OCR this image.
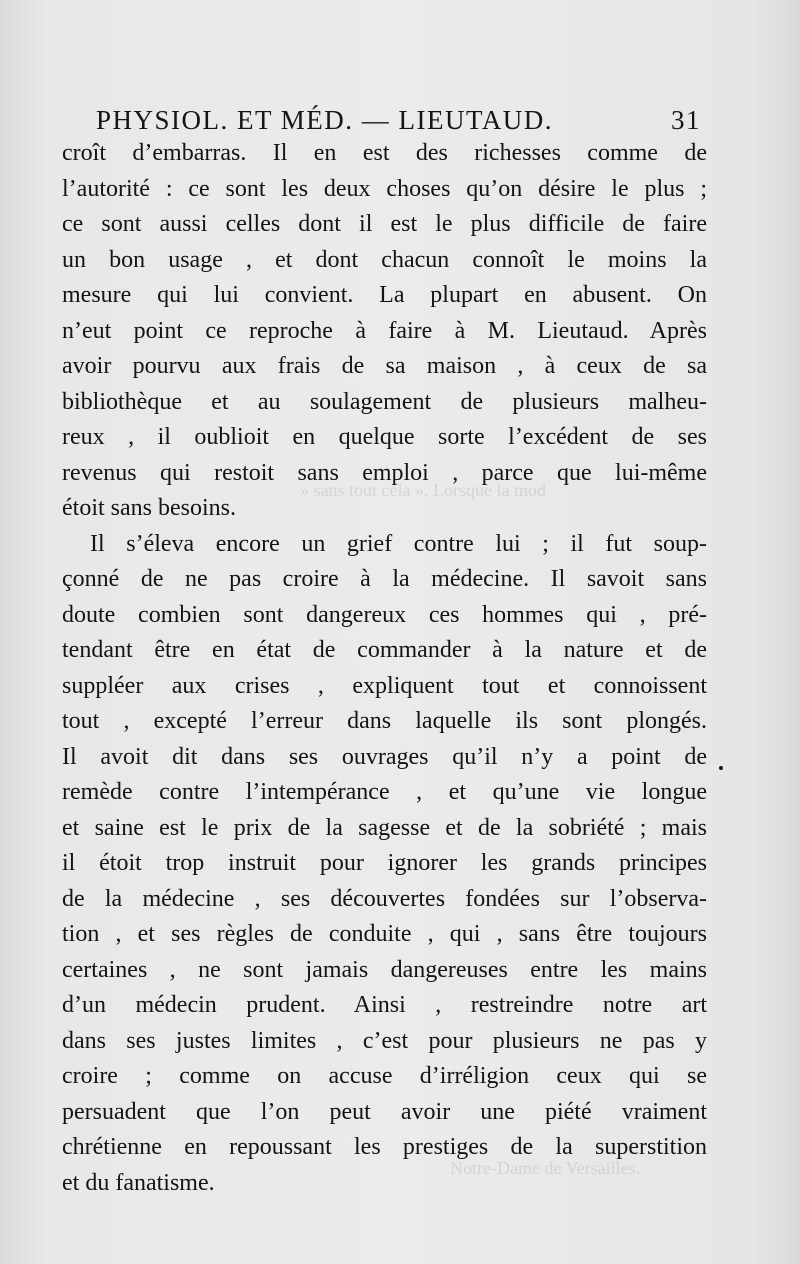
» sans tout cela ». Lorsque la mod
Notre-Dame de Versailles.
PHYSIOL. ET MÉD. — LIEUTAUD.	31
croît d’embarras. Il en est des richesses comme de
l’autorité : ce sont les deux choses qu’on désire le plus ;
ce sont aussi celles dont il est le plus difficile de faire
un bon usage , et dont chacun connoît le moins la
mesure qui lui convient. La plupart en abusent. On
n’eut point ce reproche à faire à M. Lieutaud. Après
avoir pourvu aux frais de sa maison , à ceux de sa
bibliothèque et au soulagement de plusieurs malheu-
reux , il oublioit en quelque sorte l’excédent de ses
revenus qui restoit sans emploi , parce que lui-même
étoit sans besoins.
Il s’éleva encore un grief contre lui ; il fut soup-
çonné de ne pas croire à la médecine. Il savoit sans
doute combien sont dangereux ces hommes qui , pré-
tendant être en état de commander à la nature et de
suppléer aux crises , expliquent tout et connoissent
tout , excepté l’erreur dans laquelle ils sont plongés.
Il avoit dit dans ses ouvrages qu’il n’y a point de
remède contre l’intempérance , et qu’une vie longue
et saine est le prix de la sagesse et de la sobriété ; mais
il étoit trop instruit pour ignorer les grands principes
de la médecine , ses découvertes fondées sur l’observa-
tion , et ses règles de conduite , qui , sans être toujours
certaines , ne sont jamais dangereuses entre les mains
d’un médecin prudent. Ainsi , restreindre notre art
dans ses justes limites , c’est pour plusieurs ne pas y
croire ; comme on accuse d’irréligion ceux qui se
persuadent que l’on peut avoir une piété vraiment
chrétienne en repoussant les prestiges de la superstition
et du fanatisme.
